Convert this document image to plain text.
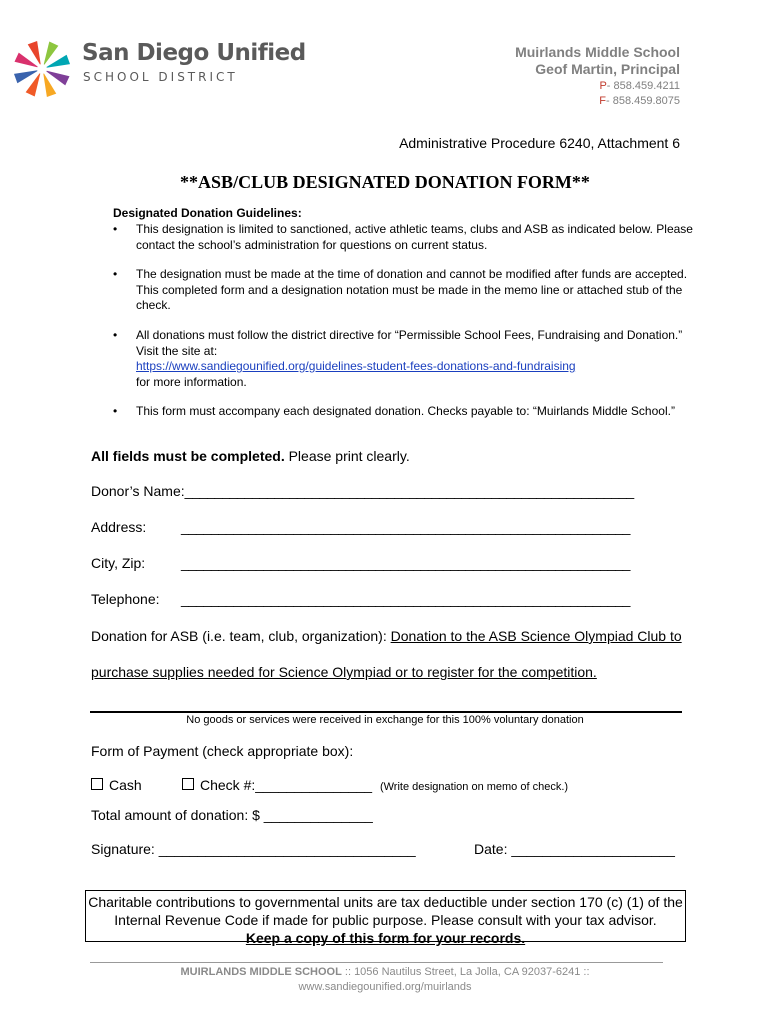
San Diego Unified
SCHOOL DISTRICT
Muirlands Middle School
Geof Martin, Principal
P- 858.459.4211
F- 858.459.8075
Administrative Procedure 6240, Attachment 6
**ASB/CLUB DESIGNATED DONATION FORM**
Designated Donation Guidelines:
• This designation is limited to sanctioned, active athletic teams, clubs and ASB as indicated below. Please contact the school’s administration for questions on current status.
• The designation must be made at the time of donation and cannot be modified after funds are accepted. This completed form and a designation notation must be made in the memo line or attached stub of the check.
• All donations must follow the district directive for “Permissible School Fees, Fundraising and Donation.” Visit the site at:
https://www.sandiegounified.org/guidelines-student-fees-donations-and-fundraising
for more information.
• This form must accompany each designated donation. Checks payable to: “Muirlands Middle School.”
All fields must be completed. Please print clearly.
Donor’s Name:____________________________________________________________
Address: ____________________________________________________________
City, Zip:	____________________________________________________________
Telephone: ____________________________________________________________
Donation for ASB (i.e. team, club, organization): Donation to the ASB Science Olympiad Club to
purchase supplies needed for Science Olympiad or to register for the competition.
No goods or services were received in exchange for this 100% voluntary donation
Form of Payment (check appropriate box):
Cash	Check #:_______________ (Write designation on memo of check.)
Total amount of donation: $ ______________
Signature: _________________________________	Date: _____________________
Charitable contributions to governmental units are tax deductible under section 170 (c) (1) of the
Internal Revenue Code if made for public purpose. Please consult with your tax advisor.
Keep a copy of this form for your records.
MUIRLANDS MIDDLE SCHOOL :: 1056 Nautilus Street, La Jolla, CA 92037-6241 ::
www.sandiegounified.org/muirlands
